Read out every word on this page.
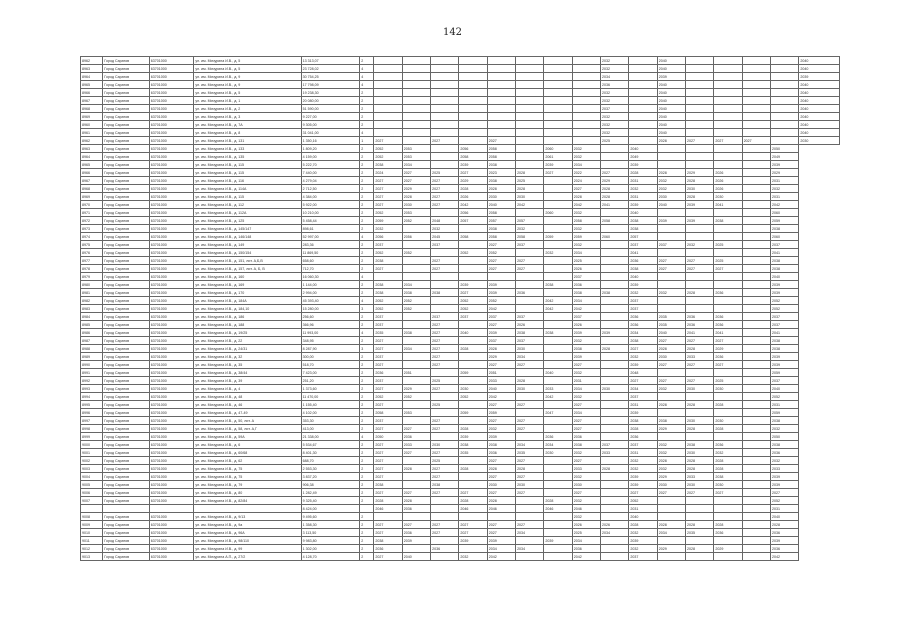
142
8962	Город Саратов	63701000	ул. им. Мичурина И.В., д. 5	13 313,07	2									2032		2040					2040
8963	Город Саратов	63701000	ул. им. Мичурина И.В., д. 5	23 728,02	4									2032		2040					2040
8964	Город Саратов	63701000	ул. им. Мичурина И.В., д. 9	30 754,25	4									2034		2039					2039
8965	Город Саратов	63701000	ул. им. Мичурина И.В., д. 9	17 798,09	4									2036		2040					2040
8966	Город Саратов	63701000	ул. им. Мичурина И.В., д. 5	19 238,30	2									2032		2040					2040
8967	Город Саратов	63701000	ул. им. Мичурина И.В., д. 1	20 080,00	2									2032		2040					2040
8968	Город Саратов	63701000	ул. им. Мичурина И.В., д. 2	51 590,00	2									2037		2040					2040
8969	Город Саратов	63701000	ул. им. Мичурина И.В., д. 3	9 227,00	2									2032		2040					2040
8960	Город Саратов	63701000	ул. им. Мичурина И.В., д. 7А	9 305,00	2									2032		2040					2040
8961	Город Саратов	63701000	ул. им. Мичурина И.В., д. 8	31 041,00	4									2032		2040					2040
8962	Город Саратов	63701000	ул. им. Мичурина И.В., д. 131	1 350,16	1	2027		2027		2027				2025		2028	2027	2027	2027		2030
8963	Город Саратов	63701000	ул. им. Мичурина И.В., д. 133	1 809,20	2	2052	2053		2056	2058		2060	2032		2040					2050	
8964	Город Саратов	63701000	ул. им. Мичурина И.В., д. 135	4 159,00	2	2052	2053		2058	2058		2061	2032		2049					2049	
8965	Город Саратов	63701000	ул. им. Мичурина И.В., д. 115	5 222,70	2	2038	2034		2039	2038		2039	2034		2039					2039	
8966	Город Саратов	63701000	ул. им. Мичурина И.В., д. 115	7 440,00	2	2024	2027	2025	2027	2023	2028	2027	2022	2027	2028	2028	2029	2026		2029	
8967	Город Саратов	63701000	ул. им. Мичурина И.В., д. 116	4 279,04	2	2027	2027	2027	2029	2038	2025		2024	2029	2031	2032	2028	2026		2031	
8968	Город Саратов	63701000	ул. им. Мичурина И.В., д. 114А	2 712,50	2	2027	2029	2027	2028	2028	2028		2027	2028	2032	2032	2030	2026		2032	
8969	Город Саратов	63701000	ул. им. Мичурина И.В., д. 115	4 384,00	2	2027	2028	2027	2026	2030	2030		2028	2028	2031	2030	2028	2030		2031	
8970	Город Саратов	63701000	ул. им. Мичурина И.В., д. 112	5 922,00	2	2027	2030	2027	2042	2040	2042		2042	2041	2039	2040	2039	2041		2042	
8971	Город Саратов	63701000	ул. им. Мичурина И.В., д. 112А	10 210,00	2	2052	2053		2056	2058		2060	2032		2040					2060	
8972	Город Саратов	63701000	ул. им. Мичурина И.В., д. 125	5 458,44	2	2059	2052	2048	2057	2057	2057		2058	2058	2038	2039	2039	2038		2059	
8973	Город Саратов	63701000	ул. им. Мичурина И.В., д. 145/147	898,61	2	2032		2032		2038	2032		2032		2038					2038	
8974	Город Саратов	63701000	ул. им. Мичурина И.В., д. 146/148	52 997,00	4	2056	2056	2045	2058	2058	2058	2059	2059	2060	2057					2060	
8975	Город Саратов	63701000	ул. им. Мичурина И.В., д. 149	283,36	2	2037		2037		2027	2037		2032		2037	2037	2032	2025		2037	
8976	Город Саратов	63701000	ул. им. Мичурина И.В., д. 150/154	11 869,50	2	2052	2052		2052	2052		2032	2034		2041					2041	
8977	Город Саратов	63701000	ул. им. Мичурина И.В., д. 151, лит. А,Б,В	658,60	2	2038		2027		2027	2027		2025		2036	2027	2027	2025		2038	
8978	Город Саратов	63701000	ул. им. Мичурина И.В., д. 157, лит. А, Б, В	712,70	2	2027		2027		2027	2027		2026		2038	2027	2027	2027		2038	
8979	Город Саратов	63701000	ул. им. Мичурина И.В., д. 160	16 060,30	4								2037		2040					2040	
8980	Город Саратов	63701000	ул. им. Мичурина И.В., д. 169	1 144,00	2	2038	2034		2039	2039		2038	2036		2039					2039	
8981	Город Саратов	63701000	ул. им. Мичурина И.В., д. 170	2 994,00	2	2038	2038	2038	2027	2039	2036		2038	2038	2032	2032	2028	2036		2039	
8982	Город Саратов	63701000	ул. им. Мичурина И.В., д. 184А	45 393,40	4	2052	2052		2052	2052		2042	2034		2037					2052	
8983	Город Саратов	63701000	ул. им. Мичурина И.В., д. 184,10	15 280,00	3	2052	2052		2052	2042		2042	2042		2037					2052	
8984	Город Саратов	63701000	ул. им. Мичурина И.В., д. 186	256,60	2	2037		2037	2037	2037	2037		2037		2036	2035	2036	2036		2037	
8985	Город Саратов	63701000	ул. им. Мичурина И.В., д. 188	366,96	2	2037		2027		2027	2026		2026		2036	2035	2036	2036		2037	
8986	Город Саратов	63701000	ул. им. Мичурина И.В., д. 19/25	11 993,00	4	2035	2038	2027	2040	2039	2038	2038	2039	2039	2034	2040	2041	2041		2041	
8987	Город Саратов	63701000	ул. им. Мичурина И.В., д. 22	348,95	2	2027		2027		2037	2037		2032		2038	2027	2027	2027		2038	
8988	Город Саратов	63701000	ул. им. Мичурина И.В., д. 24/31	8 287,90	3	2027	2034	2027	2028	2028	2030		2038	2028	2027	2028	2028	2029		2038	
8989	Город Саратов	63701000	ул. им. Мичурина И.В., д. 32	300,00	2	2037		2027		2029	2034		2039		2032	2030	2033	2036		2039	
8990	Город Саратов	63701000	ул. им. Мичурина И.В., д. 35	518,70	2	2027		2027		2027	2027		2027		2039	2027	2027	2027		2039	
8991	Город Саратов	63701000	ул. им. Мичурина И.В., д. 38/44	7 423,00	2	2036	2051		2059	2051		2040	2032		2048					2059	
8992	Город Саратов	63701000	ул. им. Мичурина И.В., д. 39	251,20	2	2037		2025		2033	2028		2031		2027	2027	2027	2025		2037	
8993	Город Саратов	63701000	ул. им. Мичурина И.В., д. 4	1 373,60	2	2027	2029	2027	2030	2040	2030	2033	2034	2030	2034	2032	2030	2030		2040	
8994	Город Саратов	63701000	ул. им. Мичурина И.В., д. 48	11 470,00	2	2052	2052		2052	2042		2042	2032		2037					2052	
8995	Город Саратов	63701000	ул. им. Мичурина И.В., д. 46	1 155,40	2	2027		2025		2027	2027		2027		2031	2028	2028	2028		2031	
8996	Город Саратов	63701000	ул. им. Мичурина И.В., д. 47-49	4 102,00	2	2058	2053		2059	2059		2047	2034		2039					2059	
8997	Город Саратов	63701000	ул. им. Мичурина И.В., д. 50, лит. А	353,30	2	2037		2027		2027	2027		2027		2038	2038	2030	2030		2038	
8998	Город Саратов	63701000	ул. им. Мичурина И.В., д. 58, лит. А,Г	413,00	2	2027	2027	2027	2028	2032	2027		2027		2028	2029	2028	2028		2032	
8999	Город Саратов	63701000	ул. им. Мичурина И.В., д. 59А	21 338,00	4	2050	2036		2039	2039		2036	2036		2036					2050	
9000	Город Саратов	63701000	ул. им. Мичурина И.В., д. 6	5 534,67	2	2027	2033	2030	2038	2038	2034	2034	2038	2037	2037	2032	2038	2036		2038	
9001	Город Саратов	63701000	ул. им. Мичурина И.В., д. 60/68	8 401,30	2	2027	2027	2027	2035	2036	2035	2030	2032	2033	2031	2032	2030	2032		2036	
9002	Город Саратов	63701000	ул. им. Мичурина И.В., д. 62	688,70	2	2027		2025		2027	2027		2027		2032	2028	2028	2028		2032	
9003	Город Саратов	63701000	ул. им. Мичурина И.В., д. 75	2 553,30	2	2027	2028	2027	2028	2028	2028		2033	2028	2032	2032	2028	2028		2033	
9004	Город Саратов	63701000	ул. им. Мичурина И.В., д. 75	3 837,20	2	2027		2027		2027	2027		2032		2039	2029	2033	2038		2039	
9005	Город Саратов	63701000	ул. им. Мичурина И.В., д. 79	906,38	2	2038		2038		2030	2030		2030		2039	2030	2030	2030		2039	
9006	Город Саратов	63701000	ул. им. Мичурина И.В., д. 80	1 282,49	2	2027	2027	2027	2027	2027	2027		2027		2027	2027	2027	2027		2027	
9007	Город Саратов	63701000	ул. им. Мичурина И.В., д. 82/84	9 325,40	2	2028	2028		2028	2028		2028	2032		2052					2052	
				8 424,00		2046	2036		2046	2046		2046	2046		2031					2031	
9008	Город Саратов	63701000	ул. им. Мичурина И.В., д. 9/13	9 495,60	2								2032		2040					2040	
9009	Город Саратов	63701000	ул. им. Мичурина И.В., д. 9а	1 358,30	2	2027	2027	2027	2027	2027	2027		2026	2026	2028	2028	2028	2028		2028	
9010	Город Саратов	63701000	ул. им. Мичурина И.В., д. 96А	3 113,50	2	2027	2036	2027	2027	2027	2034		2025	2034	2032	2034	2035	2036		2036	
9011	Город Саратов	63701000	ул. им. Мичурина И.В., д. 98/110	9 983,80	2	2038	2039		2039	2039		2039	2034		2039					2039	
9012	Город Саратов	63701000	ул. им. Мичурина И.В., д. 99	1 302,00	2	2036		2036		2034	2034		2036		2032	2029	2028	2029		2036	
9013	Город Саратов	63701000	ул. им. Мичурина А.П., д. 27/2	4 128,70	2	2027	2040		2032	2042			2042		2037					2042	
